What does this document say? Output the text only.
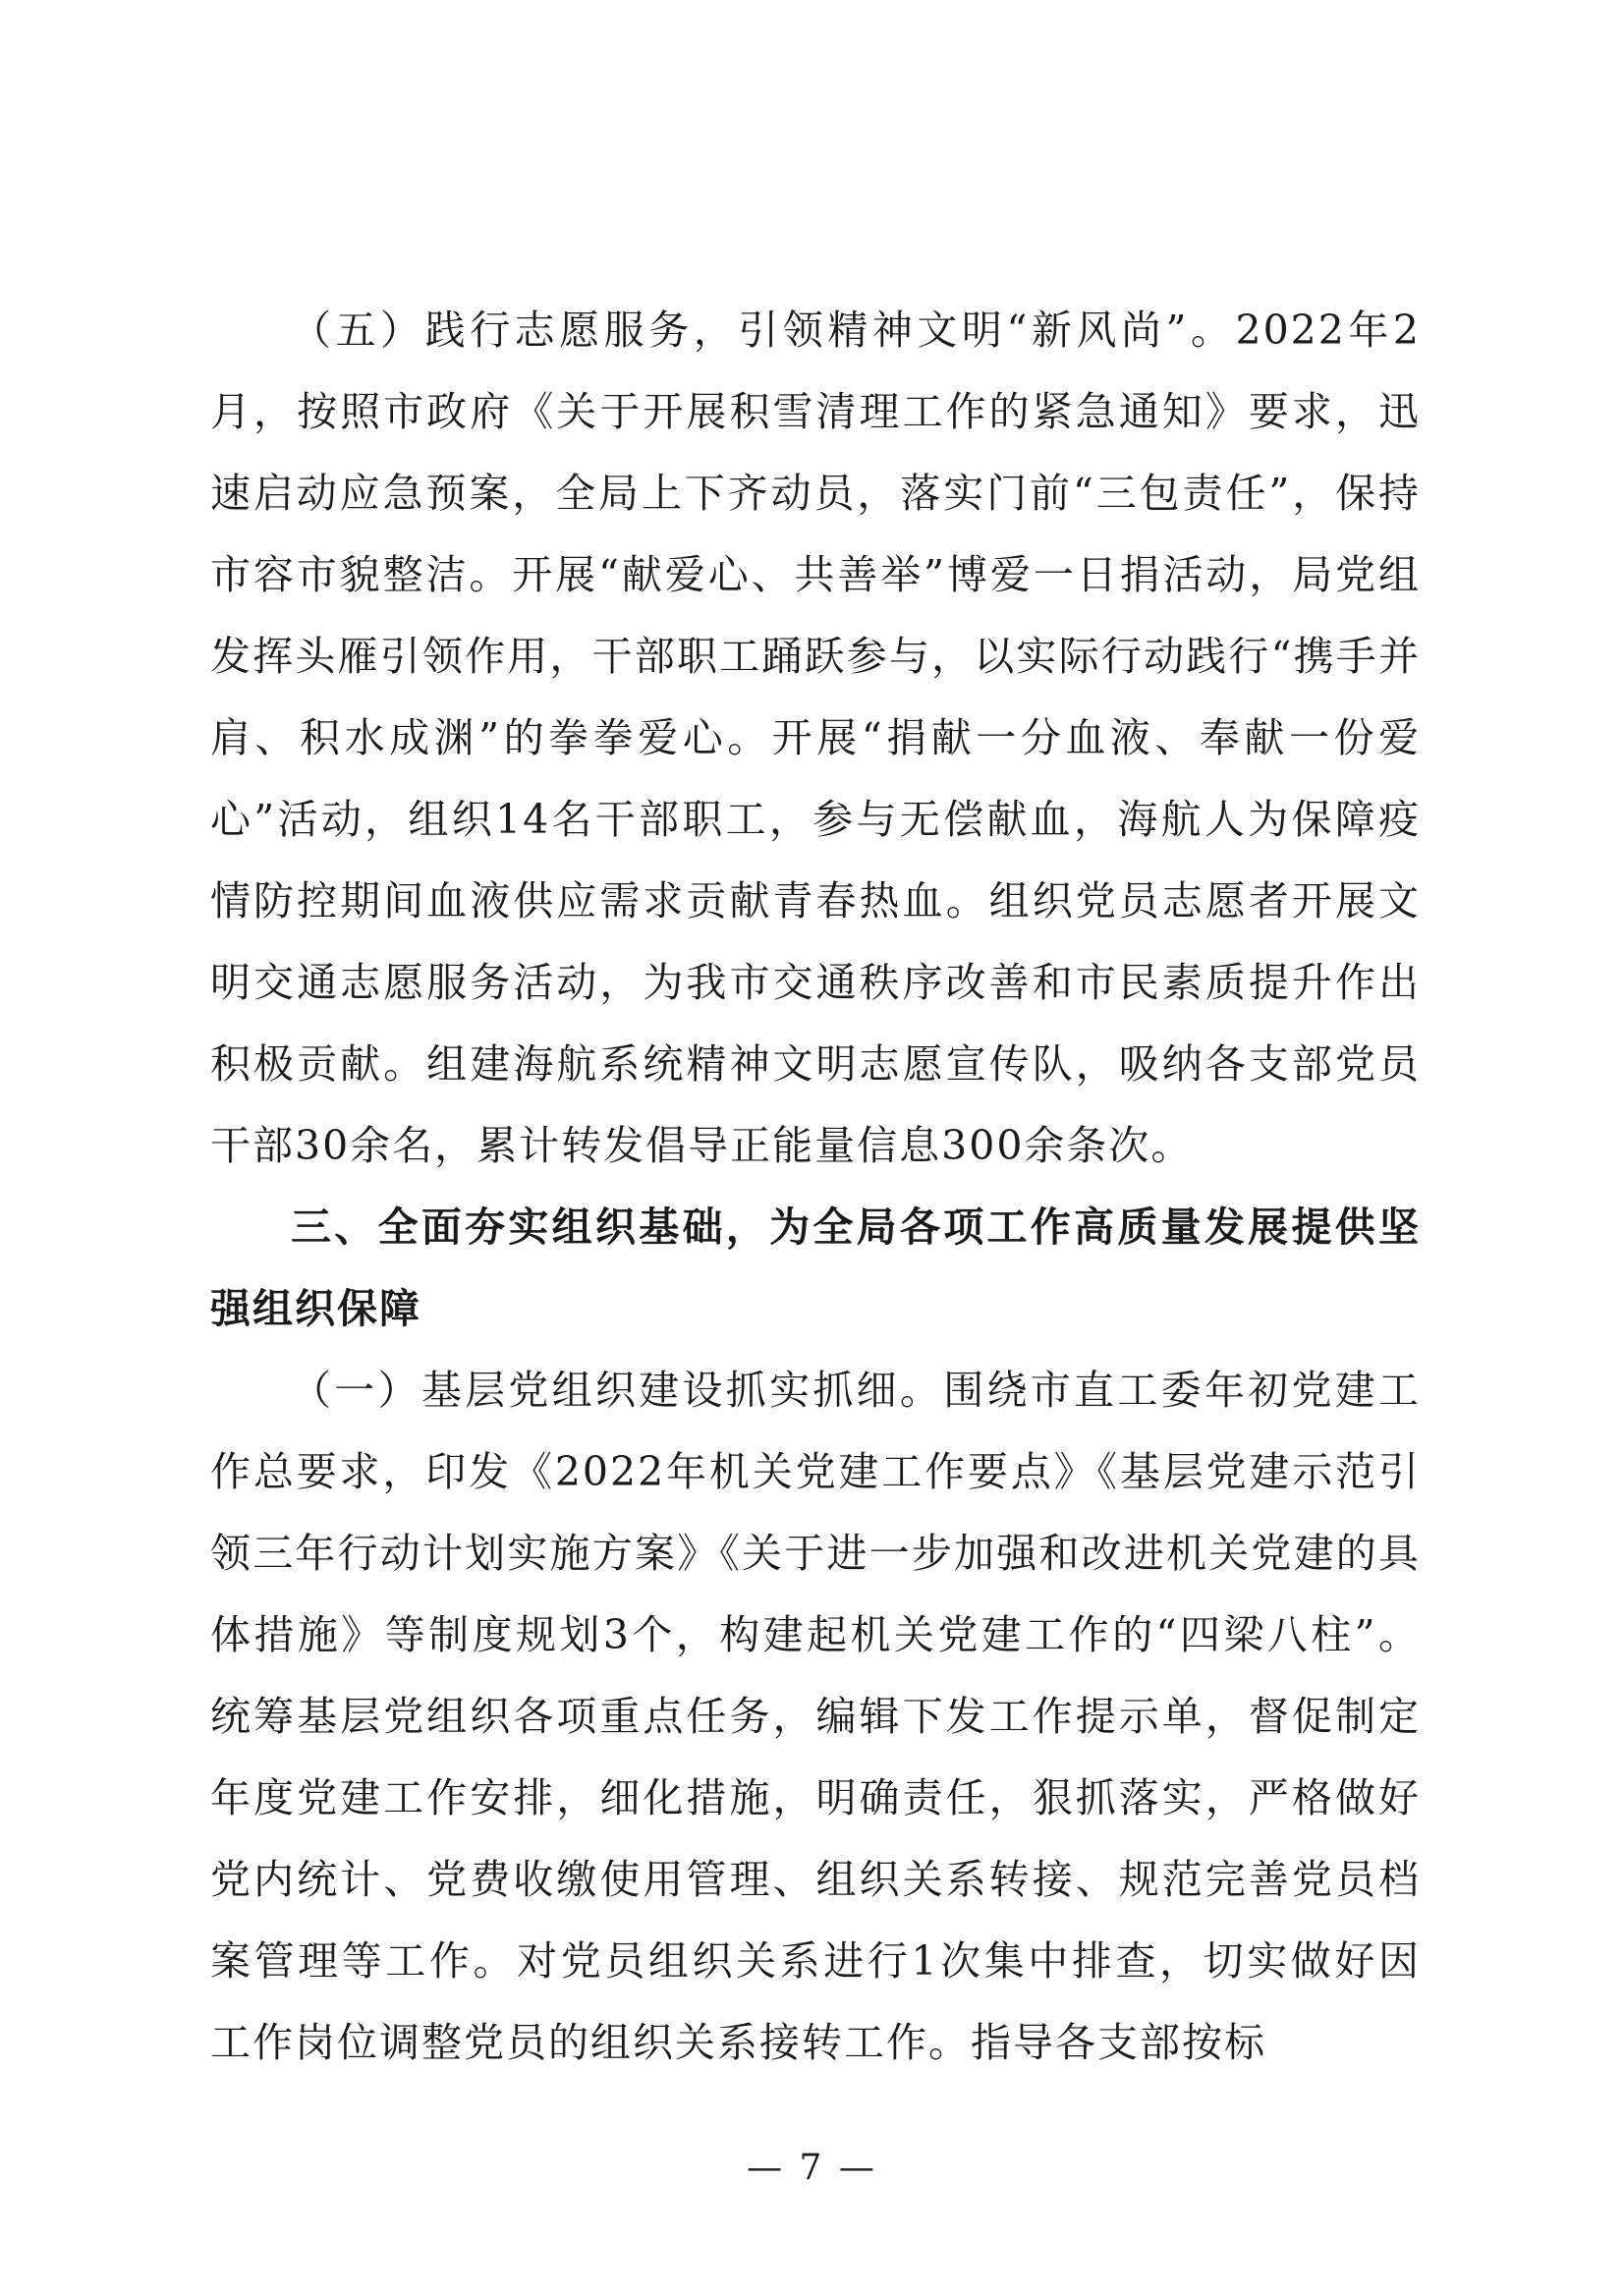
（五）践行志愿服务，引领精神文明“新风尚”。2022年2月，按照市政府《关于开展积雪清理工作的紧急通知》要求，迅速启动应急预案，全局上下齐动员，落实门前“三包责任”，保持市容市貌整洁。开展“献爱心、共善举”博爱一日捐活动，局党组发挥头雁引领作用，干部职工踊跃参与，以实际行动践行“携手并肩、积水成渊”的拳拳爱心。开展“捐献一分血液、奉献一份爱心”活动，组织14名干部职工，参与无偿献血，海航人为保障疫情防控期间血液供应需求贡献青春热血。组织党员志愿者开展文明交通志愿服务活动，为我市交通秩序改善和市民素质提升作出积极贡献。组建海航系统精神文明志愿宣传队，吸纳各支部党员干部30余名，累计转发倡导正能量信息300余条次。

三、全面夯实组织基础，为全局各项工作高质量发展提供坚强组织保障

（一）基层党组织建设抓实抓细。围绕市直工委年初党建工作总要求，印发《2022年机关党建工作要点》《基层党建示范引领三年行动计划实施方案》《关于进一步加强和改进机关党建的具体措施》等制度规划3个，构建起机关党建工作的“四梁八柱”。统筹基层党组织各项重点任务，编辑下发工作提示单，督促制定年度党建工作安排，细化措施，明确责任，狠抓落实，严格做好党内统计、党费收缴使用管理、组织关系转接、规范完善党员档案管理等工作。对党员组织关系进行1次集中排查，切实做好因工作岗位调整党员的组织关系接转工作。指导各支部按标

— 7 —
